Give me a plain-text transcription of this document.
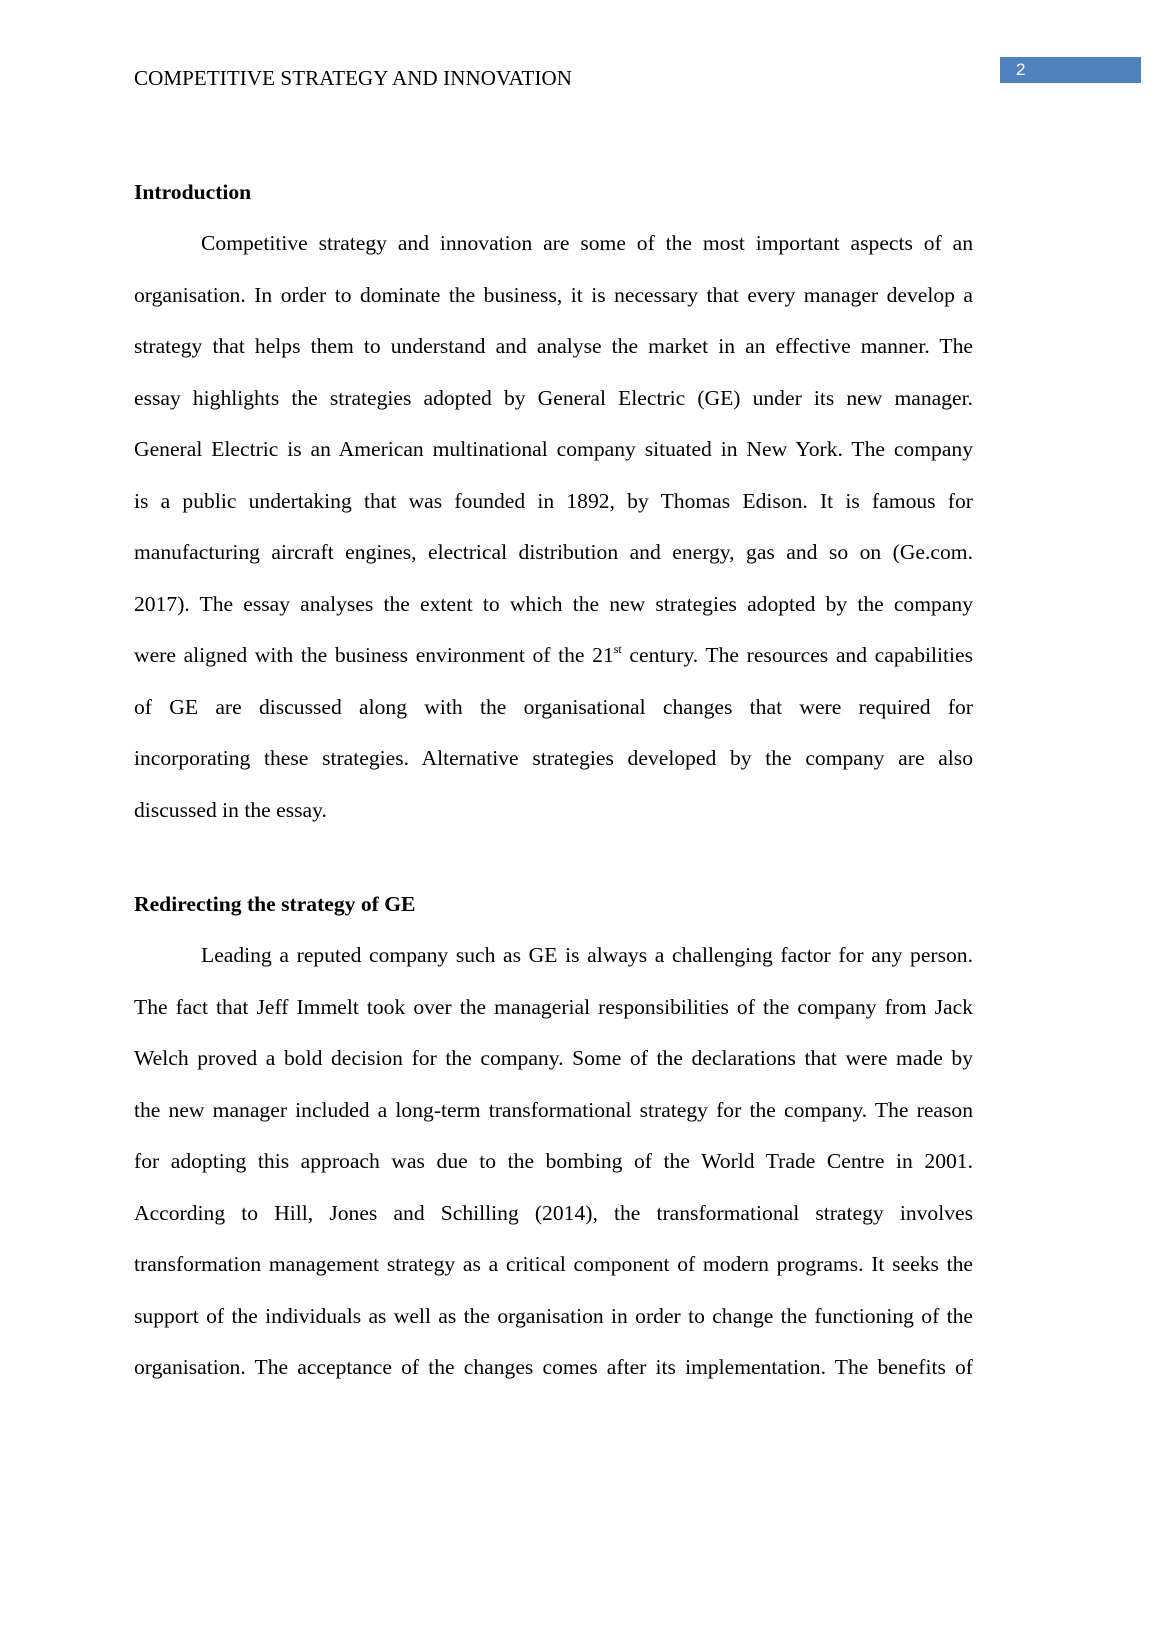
COMPETITIVE STRATEGY AND INNOVATION	2
Introduction
Competitive strategy and innovation are some of the most important aspects of an
organisation. In order to dominate the business, it is necessary that every manager develop a
strategy that helps them to understand and analyse the market in an effective manner. The
essay highlights the strategies adopted by General Electric (GE) under its new manager.
General Electric is an American multinational company situated in New York. The company
is a public undertaking that was founded in 1892, by Thomas Edison. It is famous for
manufacturing aircraft engines, electrical distribution and energy, gas and so on (Ge.com.
2017). The essay analyses the extent to which the new strategies adopted by the company
were aligned with the business environment of the 21st century. The resources and capabilities
of GE are discussed along with the organisational changes that were required for
incorporating these strategies. Alternative strategies developed by the company are also
discussed in the essay.
Redirecting the strategy of GE
Leading a reputed company such as GE is always a challenging factor for any person.
The fact that Jeff Immelt took over the managerial responsibilities of the company from Jack
Welch proved a bold decision for the company. Some of the declarations that were made by
the new manager included a long-term transformational strategy for the company. The reason
for adopting this approach was due to the bombing of the World Trade Centre in 2001.
According to Hill, Jones and Schilling (2014), the transformational strategy involves
transformation management strategy as a critical component of modern programs. It seeks the
support of the individuals as well as the organisation in order to change the functioning of the
organisation. The acceptance of the changes comes after its implementation. The benefits of
